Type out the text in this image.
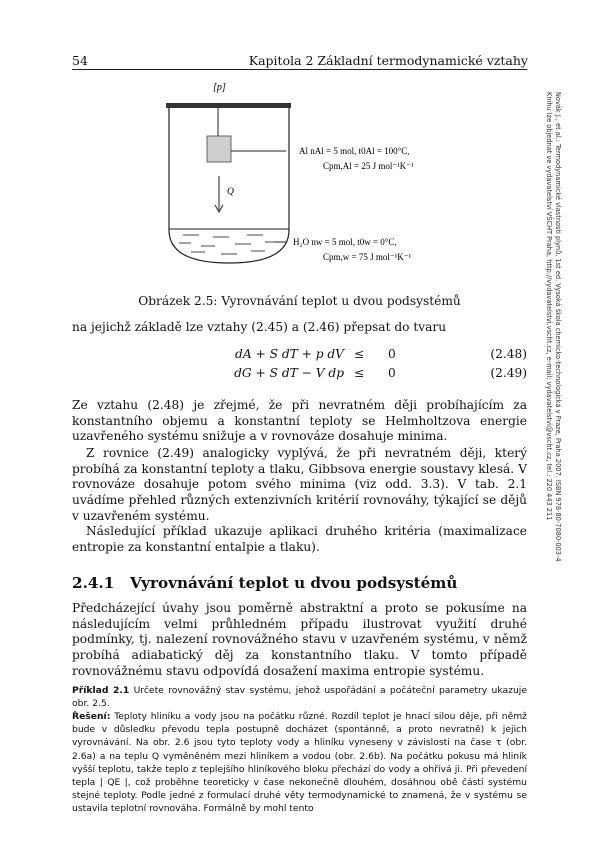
54	Kapitola 2 Základní termodynamické vztahy
Novák J., et al.: Termodynamické vlastnosti plynů. 1st ed. Vysoká škola chemicko-technologická v Praze, Praha 2007. ISBN 978-80-7080-003-4
Knihu lze objednat ve vydavatelství VŠCHT Praha, http://vydavatelstvi.vscht.cz, e-mail: vydavatelstvi@vscht.cz, tel.: 220 443 211
[p]
Q
Al nAl = 5 mol, t0Al = 100°C,
Cpm,Al = 25 J mol⁻¹K⁻¹
H₂O nw = 5 mol, t0w = 0°C,
Cpm,w = 75 J mol⁻¹K⁻¹
Obrázek 2.5: Vyrovnávání teplot u dvou podsystémů

na jejichž základě lze vztahy (2.45) a (2.46) přepsat do tvaru

dA + S dT + p dV ≤ 0	(2.48)
dG + S dT − V dp ≤ 0	(2.49)

Ze vztahu (2.48) je zřejmé, že při nevratném ději probíhajícím za konstantního objemu a konstantní teploty se Helmholtzova energie uzavřeného systému snižuje a v rovnováze dosahuje minima.

Z rovnice (2.49) analogicky vyplývá, že při nevratném ději, který probíhá za konstantní teploty a tlaku, Gibbsova energie soustavy klesá. V rovnováze dosahuje potom svého minima (viz odd. 3.3). V tab. 2.1 uvádíme přehled různých extenzivních kritérií rovnováhy, týkající se dějů v uzavřeném systému.

Následující příklad ukazuje aplikaci druhého kritéria (maximalizace entropie za konstantní entalpie a tlaku).

2.4.1 Vyrovnávání teplot u dvou podsystémů

Předcházející úvahy jsou poměrně abstraktní a proto se pokusíme na následujícím velmi průhledném případu ilustrovat využití druhé podmínky, tj. nalezení rovnovážného stavu v uzavřeném systému, v němž probíhá adiabatický děj za konstantního tlaku. V tomto případě rovnovážnému stavu odpovídá dosažení maxima entropie systému.

Příklad 2.1 Určete rovnovážný stav systému, jehož uspořádání a počáteční parametry ukazuje obr. 2.5.

Řešení: Teploty hliníku a vody jsou na počátku různé. Rozdíl teplot je hnací silou děje, při němž bude v důsledku převodu tepla postupně docházet (spontánně, a proto nevratně) k jejich vyrovnávání. Na obr. 2.6 jsou tyto teploty vody a hliníku vyneseny v závislosti na čase τ (obr. 2.6a) a na teplu Q vyměněném mezi hliníkem a vodou (obr. 2.6b). Na počátku pokusu má hliník vyšší teplotu, takže teplo z teplejšího hliníkového bloku přechází do vody a ohřívá ji. Při převedení tepla | QE |, což proběhne teoreticky v čase nekonečně dlouhém, dosáhnou obě části systému stejné teploty. Podle jedné z formulací druhé věty termodynamické to znamená, že v systému se ustavila teplotní rovnováha. Formálně by mohl tento
